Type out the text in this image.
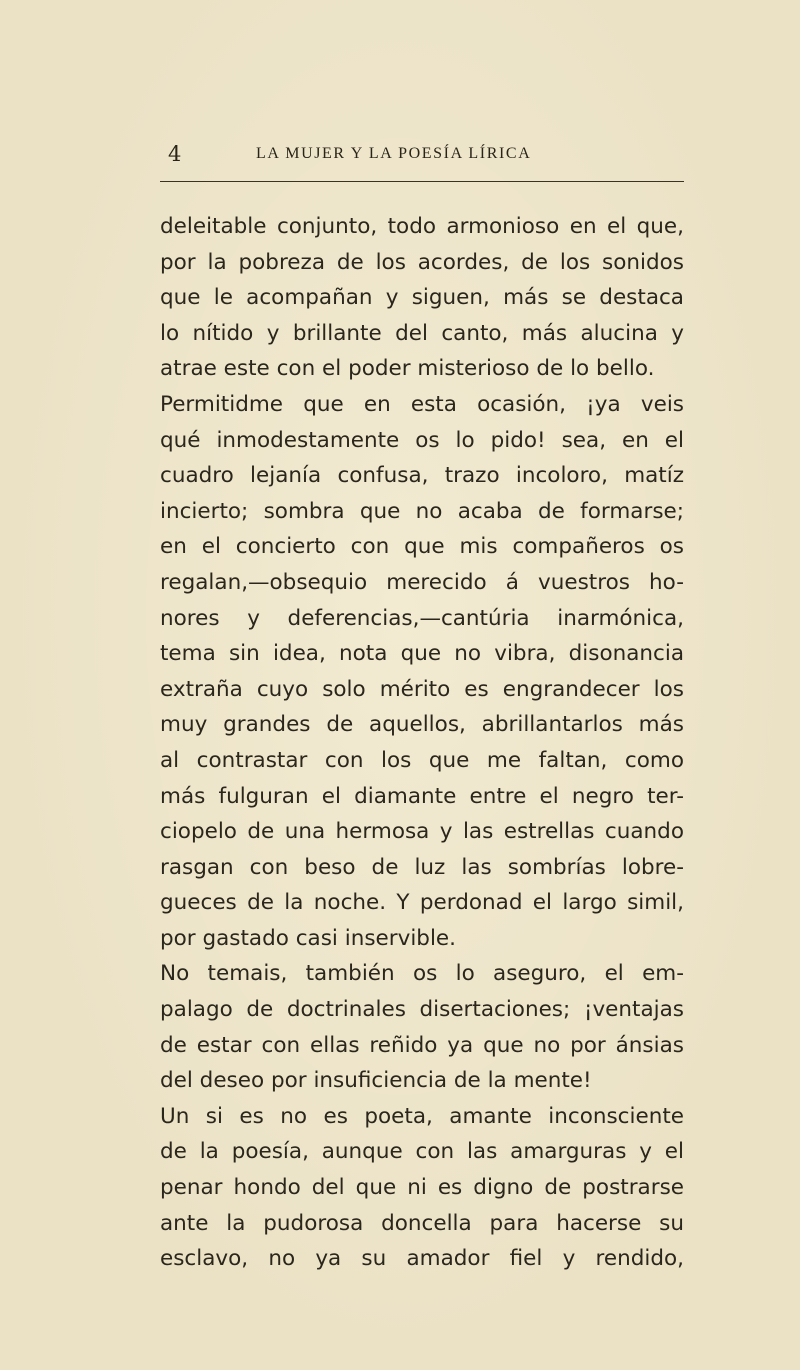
4	LA MUJER Y LA POESÍA LÍRICA
deleitable conjunto, todo armonioso en el que,
por la pobreza de los acordes, de los sonidos
que le acompañan y siguen, más se destaca
lo nítido y brillante del canto, más alucina y
atrae este con el poder misterioso de lo bello.
Permitidme que en esta ocasión, ¡ya veis
qué inmodestamente os lo pido! sea, en el
cuadro lejanía confusa, trazo incoloro, matíz
incierto; sombra que no acaba de formarse;
en el concierto con que mis compañeros os
regalan,—obsequio merecido á vuestros ho-
nores y deferencias,—cantúria inarmónica,
tema sin idea, nota que no vibra, disonancia
extraña cuyo solo mérito es engrandecer los
muy grandes de aquellos, abrillantarlos más
al contrastar con los que me faltan, como
más fulguran el diamante entre el negro ter-
ciopelo de una hermosa y las estrellas cuando
rasgan con beso de luz las sombrías lobre-
gueces de la noche. Y perdonad el largo simil,
por gastado casi inservible.
No temais, también os lo aseguro, el em-
palago de doctrinales disertaciones; ¡ventajas
de estar con ellas reñido ya que no por ánsias
del deseo por insuficiencia de la mente!
Un si es no es poeta, amante inconsciente
de la poesía, aunque con las amarguras y el
penar hondo del que ni es digno de postrarse
ante la pudorosa doncella para hacerse su
esclavo, no ya su amador fiel y rendido,
